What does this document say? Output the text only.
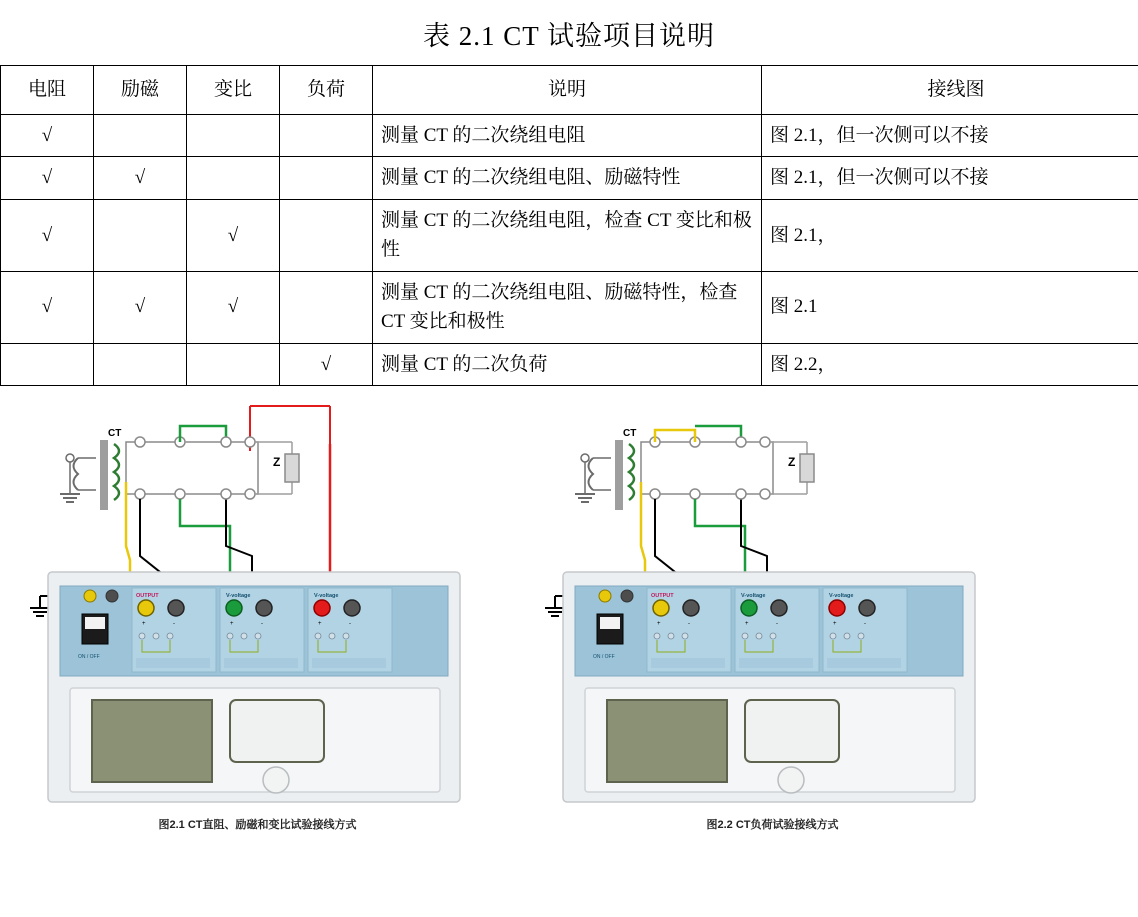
表 2.1 CT 试验项目说明
电阻	励磁	变比	负荷	说明	接线图
√				测量 CT 的二次绕组电阻	图 2.1，但一次侧可以不接
√	√			测量 CT 的二次绕组电阻、励磁特性	图 2.1，但一次侧可以不接
√		√		测量 CT 的二次绕组电阻，检查 CT 变比和极性	图 2.1，
√	√	√		测量 CT 的二次绕组电阻、励磁特性，检查 CT 变比和极性	图 2.1
			√	测量 CT 的二次负荷	图 2.2，
CT
Z
ON / OFF
OUTPUT
+	-
V-voltage
+	-
V-voltage
+	-
图2.1 CT直阻、励磁和变比试验接线方式
CT
Z
ON / OFF
OUTPUT
+	-
V-voltage
+	-
V-voltage
+	-
图2.2 CT负荷试验接线方式
